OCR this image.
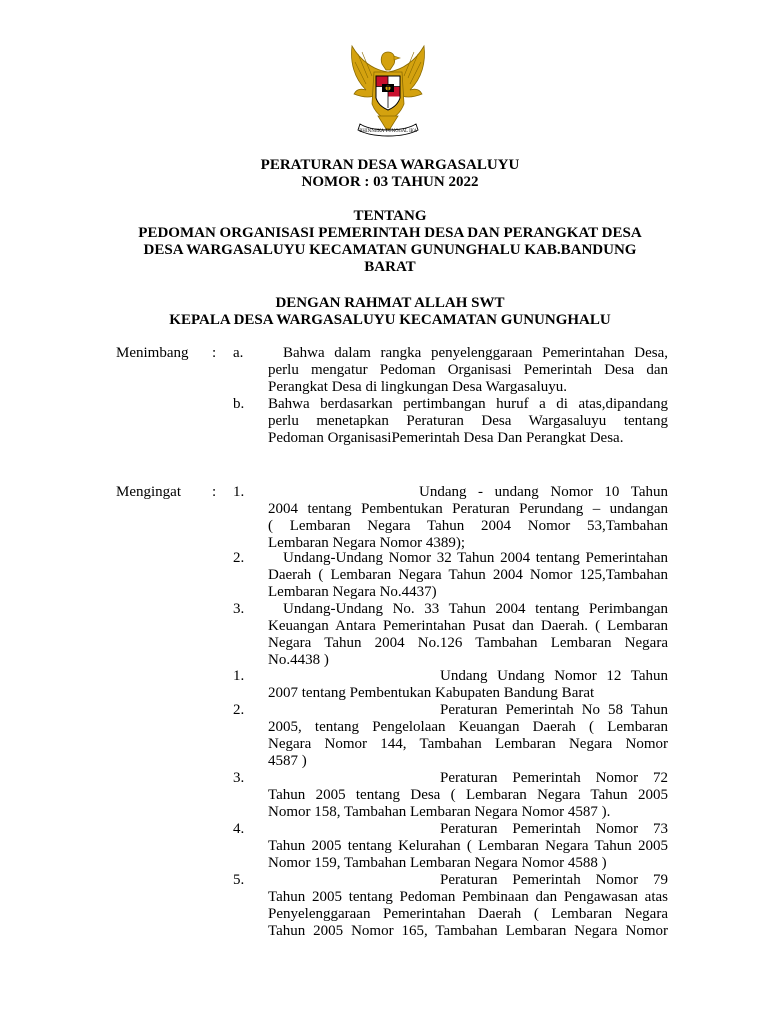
BHINNEKA TUNGGAL IKA
PERATURAN DESA WARGASALUYU
NOMOR : 03 TAHUN 2022
TENTANG
PEDOMAN ORGANISASI PEMERINTAH DESA DAN PERANGKAT DESA
DESA WARGASALUYU KECAMATAN GUNUNGHALU KAB.BANDUNG
BARAT
DENGAN RAHMAT ALLAH SWT
KEPALA DESA WARGASALUYU KECAMATAN GUNUNGHALU
Menimbang : a.	Bahwa dalam rangka penyelenggaraan Pemerintahan Desa,
perlu mengatur Pedoman Organisasi Pemerintah Desa dan
Perangkat Desa di lingkungan Desa Wargasaluyu.
b. Bahwa berdasarkan pertimbangan huruf a di atas,dipandang
perlu menetapkan Peraturan Desa Wargasaluyu tentang
Pedoman OrganisasiPemerintah Desa Dan Perangkat Desa.
Mengingat : 1.	Undang - undang Nomor 10 Tahun
2004 tentang Pembentukan Peraturan Perundang – undangan
( Lembaran Negara Tahun 2004 Nomor 53,Tambahan
Lembaran Negara Nomor 4389);
2.	Undang-Undang Nomor 32 Tahun 2004 tentang Pemerintahan
Daerah ( Lembaran Negara Tahun 2004 Nomor 125,Tambahan
Lembaran Negara No.4437)
3.	Undang-Undang No. 33 Tahun 2004 tentang Perimbangan
Keuangan Antara Pemerintahan Pusat dan Daerah. ( Lembaran
Negara Tahun 2004 No.126 Tambahan Lembaran Negara
No.4438 )
1.	Undang Undang Nomor 12 Tahun
2007 tentang Pembentukan Kabupaten Bandung Barat
2.	Peraturan Pemerintah No 58 Tahun
2005, tentang Pengelolaan Keuangan Daerah ( Lembaran
Negara Nomor 144, Tambahan Lembaran Negara Nomor
4587 )
3.	Peraturan Pemerintah Nomor 72
Tahun 2005 tentang Desa ( Lembaran Negara Tahun 2005
Nomor 158, Tambahan Lembaran Negara Nomor 4587 ).
4.	Peraturan Pemerintah Nomor 73
Tahun 2005 tentang Kelurahan ( Lembaran Negara Tahun 2005
Nomor 159, Tambahan Lembaran Negara Nomor 4588 )
5.	Peraturan Pemerintah Nomor 79
Tahun 2005 tentang Pedoman Pembinaan dan Pengawasan atas
Penyelenggaraan Pemerintahan Daerah ( Lembaran Negara
Tahun 2005 Nomor 165, Tambahan Lembaran Negara Nomor
